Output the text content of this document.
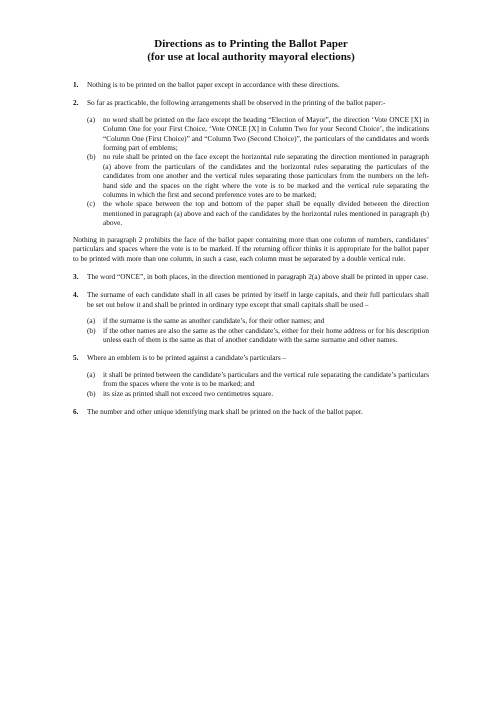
Directions as to Printing the Ballot Paper
(for use at local authority mayoral elections)
1. Nothing is to be printed on the ballot paper except in accordance with these directions.
2. So far as practicable, the following arrangements shall be observed in the printing of the ballot paper:-
(a) no word shall be printed on the face except the heading “Election of Mayor”, the direction ‘Vote ONCE [X] in Column One for your First Choice, ‘Vote ONCE [X] in Column Two for your Second Choice’, the indications “Column One (First Choice)” and “Column Two (Second Choice)”, the particulars of the candidates and words forming part of emblems;
(b) no rule shall be printed on the face except the horizontal rule separating the direction mentioned in paragraph (a) above from the particulars of the candidates and the horizontal rules separating the particulars of the candidates from one another and the vertical rules separating those particulars from the numbers on the left-hand side and the spaces on the right where the vote is to be marked and the vertical rule separating the columns in which the first and second preference votes are to be marked;
(c) the whole space between the top and bottom of the paper shall be equally divided between the direction mentioned in paragraph (a) above and each of the candidates by the horizontal rules mentioned in paragraph (b) above.
Nothing in paragraph 2 prohibits the face of the ballot paper containing more than one column of numbers, candidates’ particulars and spaces where the vote is to be marked. If the returning officer thinks it is appropriate for the ballot paper to be printed with more than one column, in such a case, each column must be separated by a double vertical rule.
3. The word “ONCE”, in both places, in the direction mentioned in paragraph 2(a) above shall be printed in upper case.
4. The surname of each candidate shall in all cases be printed by itself in large capitals, and their full particulars shall be set out below it and shall be printed in ordinary type except that small capitals shall be used –
(a) if the surname is the same as another candidate’s, for their other names; and
(b) if the other names are also the same as the other candidate’s, either for their home address or for his description unless each of them is the same as that of another candidate with the same surname and other names.
5. Where an emblem is to be printed against a candidate’s particulars –
(a) it shall be printed between the candidate’s particulars and the vertical rule separating the candidate’s particulars from the spaces where the vote is to be marked; and
(b) its size as printed shall not exceed two centimetres square.
6. The number and other unique identifying mark shall be printed on the back of the ballot paper.
